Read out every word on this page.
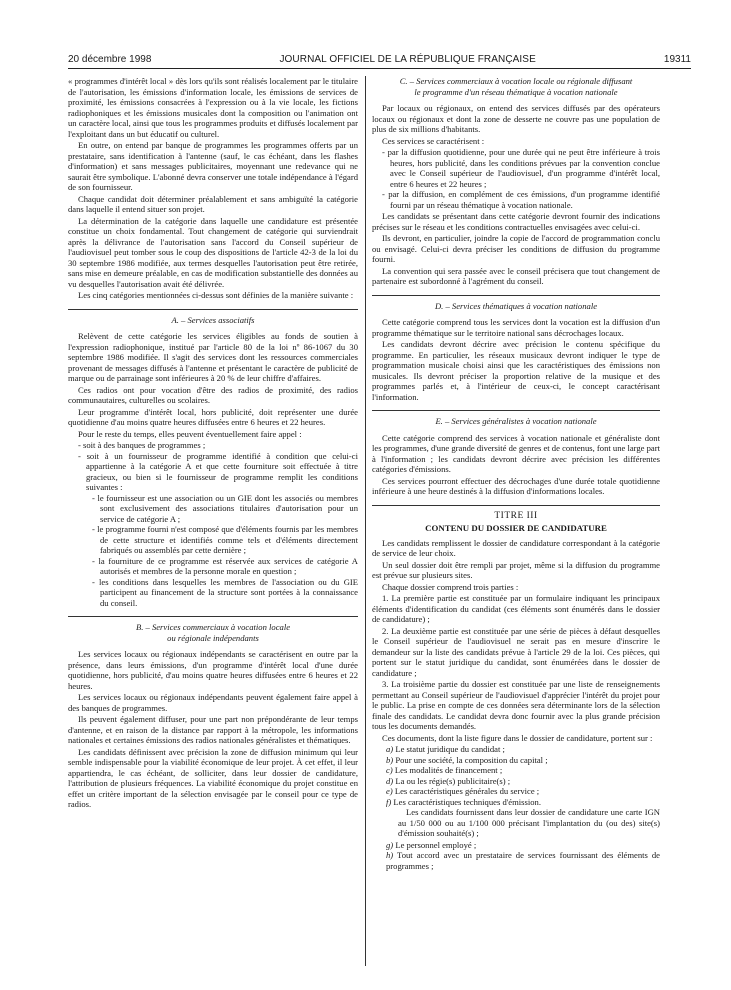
20 décembre 1998	JOURNAL OFFICIEL DE LA RÉPUBLIQUE FRANÇAISE	19311

« programmes d'intérêt local » dès lors qu'ils sont réalisés localement par le titulaire de l'autorisation, les émissions d'information locale, les émissions de services de proximité, les émissions consacrées à l'expression ou à la vie locale, les fictions radiophoniques et les émissions musicales dont la composition ou l'animation ont un caractère local, ainsi que tous les programmes produits et diffusés localement par l'exploitant dans un but éducatif ou culturel.

En outre, on entend par banque de programmes les programmes offerts par un prestataire, sans identification à l'antenne (sauf, le cas échéant, dans les flashes d'information) et sans messages publicitaires, moyennant une redevance qui ne saurait être symbolique. L'abonné devra conserver une totale indépendance à l'égard de son fournisseur.

Chaque candidat doit déterminer préalablement et sans ambiguïté la catégorie dans laquelle il entend situer son projet.

La détermination de la catégorie dans laquelle une candidature est présentée constitue un choix fondamental. Tout changement de catégorie qui surviendrait après la délivrance de l'autorisation sans l'accord du Conseil supérieur de l'audiovisuel peut tomber sous le coup des dispositions de l'article 42-3 de la loi du 30 septembre 1986 modifiée, aux termes desquelles l'autorisation peut être retirée, sans mise en demeure préalable, en cas de modification substantielle des données au vu desquelles l'autorisation avait été délivrée.

Les cinq catégories mentionnées ci-dessus sont définies de la manière suivante :

A. – Services associatifs

Relèvent de cette catégorie les services éligibles au fonds de soutien à l'expression radiophonique, institué par l'article 80 de la loi nº 86-1067 du 30 septembre 1986 modifiée. Il s'agit des services dont les ressources commerciales provenant de messages diffusés à l'antenne et présentant le caractère de publicité de marque ou de parrainage sont inférieures à 20 % de leur chiffre d'affaires.

Ces radios ont pour vocation d'être des radios de proximité, des radios communautaires, culturelles ou scolaires.

Leur programme d'intérêt local, hors publicité, doit représenter une durée quotidienne d'au moins quatre heures diffusées entre 6 heures et 22 heures.

Pour le reste du temps, elles peuvent éventuellement faire appel :

- soit à des banques de programmes ;
- soit à un fournisseur de programme identifié à condition que celui-ci appartienne à la catégorie A et que cette fourniture soit effectuée à titre gracieux, ou bien si le fournisseur de programme remplit les conditions suivantes :
- le fournisseur est une association ou un GIE dont les associés ou membres sont exclusivement des associations titulaires d'autorisation pour un service de catégorie A ;
- le programme fourni n'est composé que d'éléments fournis par les membres de cette structure et identifiés comme tels et d'éléments directement fabriqués ou assemblés par cette dernière ;
- la fourniture de ce programme est réservée aux services de catégorie A autorisés et membres de la personne morale en question ;
- les conditions dans lesquelles les membres de l'association ou du GIE participent au financement de la structure sont portées à la connaissance du conseil.
B. – Services commerciaux à vocation locale
ou régionale indépendants

Les services locaux ou régionaux indépendants se caractérisent en outre par la présence, dans leurs émissions, d'un programme d'intérêt local d'une durée quotidienne, hors publicité, d'au moins quatre heures diffusées entre 6 heures et 22 heures.

Les services locaux ou régionaux indépendants peuvent également faire appel à des banques de programmes.

Ils peuvent également diffuser, pour une part non prépondérante de leur temps d'antenne, et en raison de la distance par rapport à la métropole, les informations nationales et certaines émissions des radios nationales généralistes et thématiques.

Les candidats définissent avec précision la zone de diffusion minimum qui leur semble indispensable pour la viabilité économique de leur projet. À cet effet, il leur appartiendra, le cas échéant, de solliciter, dans leur dossier de candidature, l'attribution de plusieurs fréquences. La viabilité économique du projet constitue en effet un critère important de la sélection envisagée par le conseil pour ce type de radios.

C. – Services commerciaux à vocation locale ou régionale diffusant
le programme d'un réseau thématique à vocation nationale

Par locaux ou régionaux, on entend des services diffusés par des opérateurs locaux ou régionaux et dont la zone de desserte ne couvre pas une population de plus de six millions d'habitants.

Ces services se caractérisent :

- par la diffusion quotidienne, pour une durée qui ne peut être inférieure à trois heures, hors publicité, dans les conditions prévues par la convention conclue avec le Conseil supérieur de l'audiovisuel, d'un programme d'intérêt local, entre 6 heures et 22 heures ;
- par la diffusion, en complément de ces émissions, d'un programme identifié fourni par un réseau thématique à vocation nationale.

Les candidats se présentant dans cette catégorie devront fournir des indications précises sur le réseau et les conditions contractuelles envisagées avec celui-ci.

Ils devront, en particulier, joindre la copie de l'accord de programmation conclu ou envisagé. Celui-ci devra préciser les conditions de diffusion du programme fourni.

La convention qui sera passée avec le conseil précisera que tout changement de partenaire est subordonné à l'agrément du conseil.

D. – Services thématiques à vocation nationale

Cette catégorie comprend tous les services dont la vocation est la diffusion d'un programme thématique sur le territoire national sans décrochages locaux.

Les candidats devront décrire avec précision le contenu spécifique du programme. En particulier, les réseaux musicaux devront indiquer le type de programmation musicale choisi ainsi que les caractéristiques des émissions non musicales. Ils devront préciser la proportion relative de la musique et des programmes parlés et, à l'intérieur de ceux-ci, le concept caractérisant l'information.

E. – Services généralistes à vocation nationale

Cette catégorie comprend des services à vocation nationale et généraliste dont les programmes, d'une grande diversité de genres et de contenus, font une large part à l'information ; les candidats devront décrire avec précision les différentes catégories d'émissions.

Ces services pourront effectuer des décrochages d'une durée totale quotidienne inférieure à une heure destinés à la diffusion d'informations locales.

TITRE III
CONTENU DU DOSSIER DE CANDIDATURE

Les candidats remplissent le dossier de candidature correspondant à la catégorie de service de leur choix.

Un seul dossier doit être rempli par projet, même si la diffusion du programme est prévue sur plusieurs sites.

Chaque dossier comprend trois parties :

1. La première partie est constituée par un formulaire indiquant les principaux éléments d'identification du candidat (ces éléments sont énumérés dans le dossier de candidature) ;

2. La deuxième partie est constituée par une série de pièces à défaut desquelles le Conseil supérieur de l'audiovisuel ne serait pas en mesure d'inscrire le demandeur sur la liste des candidats prévue à l'article 29 de la loi. Ces pièces, qui portent sur le statut juridique du candidat, sont énumérées dans le dossier de candidature ;

3. La troisième partie du dossier est constituée par une liste de renseignements permettant au Conseil supérieur de l'audiovisuel d'apprécier l'intérêt du projet pour le public. La prise en compte de ces données sera déterminante lors de la sélection finale des candidats. Le candidat devra donc fournir avec la plus grande précision tous les documents demandés.

Ces documents, dont la liste figure dans le dossier de candidature, portent sur :

a) Le statut juridique du candidat ;
b) Pour une société, la composition du capital ;
c) Les modalités de financement ;
d) La ou les régie(s) publicitaire(s) ;
e) Les caractéristiques générales du service ;
f) Les caractéristiques techniques d'émission.

Les candidats fournissent dans leur dossier de candidature une carte IGN au 1/50 000 ou au 1/100 000 précisant l'implantation du (ou des) site(s) d'émission souhaité(s) ;

g) Le personnel employé ;
h) Tout accord avec un prestataire de services fournissant des éléments de programmes ;
